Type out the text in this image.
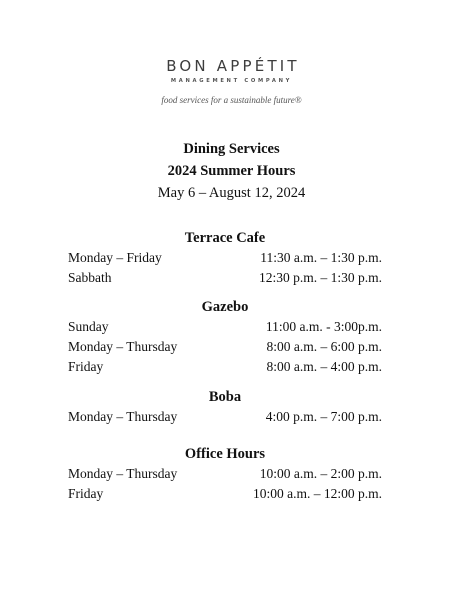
BON APPÉTIT
MANAGEMENT COMPANY
food services for a sustainable future®
Dining Services
2024 Summer Hours
May 6 – August 12, 2024
Terrace Cafe
Monday – Friday	11:30 a.m. – 1:30 p.m.
Sabbath	12:30 p.m. – 1:30 p.m.
Gazebo
Sunday	11:00 a.m. - 3:00p.m.
Monday – Thursday	8:00 a.m. – 6:00 p.m.
Friday	8:00 a.m. – 4:00 p.m.
Boba
Monday – Thursday	4:00 p.m. – 7:00 p.m.
Office Hours
Monday – Thursday	10:00 a.m. – 2:00 p.m.
Friday	10:00 a.m. – 12:00 p.m.
